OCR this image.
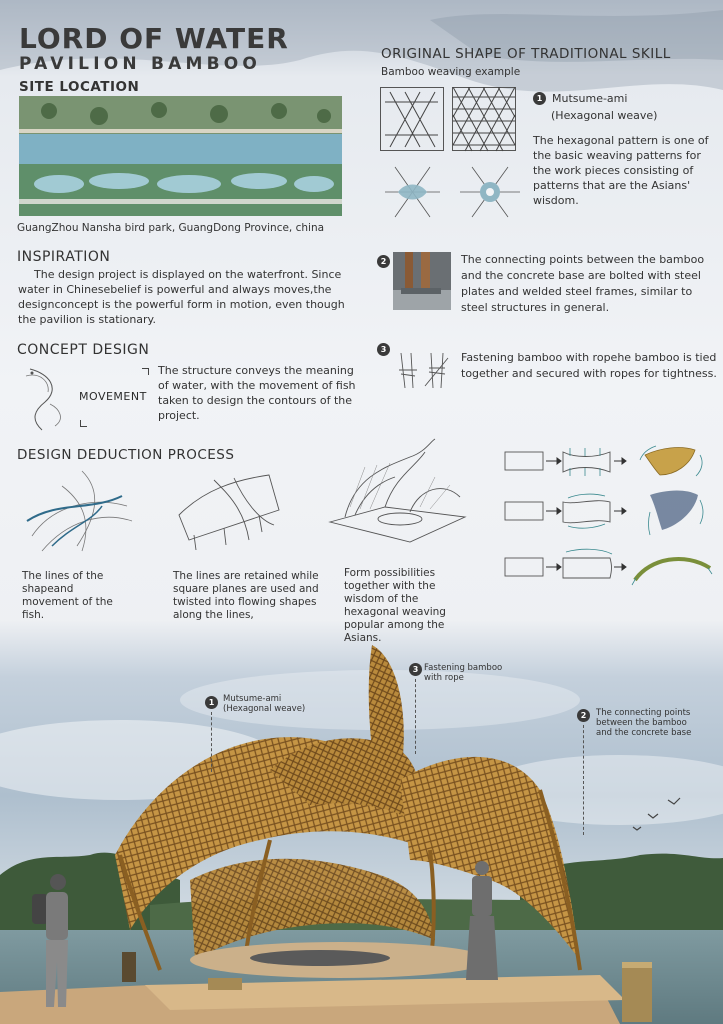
LORD OF WATER
PAVILION BAMBOO
SITE LOCATION
GuangZhou Nansha bird park, GuangDong Province, china
INSPIRATION
The design project is displayed on the waterfront. Since water in Chinesebelief is powerful and always moves,the designconcept is the powerful form in motion, even though the pavilion is stationary.
CONCEPT DESIGN
MOVEMENT
The structure conveys the meaning of water, with the movement of fish taken to design the contours of the project.
ORIGINAL SHAPE OF TRADITIONAL SKILL
Bamboo weaving example
1 Mutsume-ami
(Hexagonal weave)
The hexagonal pattern is one of the basic weaving patterns for the work pieces consisting of patterns that are the Asians' wisdom.
2	The connecting points between the bamboo and the concrete base are bolted with steel plates and welded steel frames, similar to steel structures in general.
3
Fastening bamboo with ropehe bamboo is tied together and secured with ropes for tightness.
DESIGN DEDUCTION PROCESS
The lines of the shapeand movement of the fish.
The lines are retained while square planes are used and twisted into flowing shapes along the lines,
Form possibilities together with the wisdom of the hexagonal weaving popular among the Asians.
1	Mutsume-ami
(Hexagonal weave)
3 Fastening bamboo
with rope
2	The connecting points
between the bamboo
and the concrete base
